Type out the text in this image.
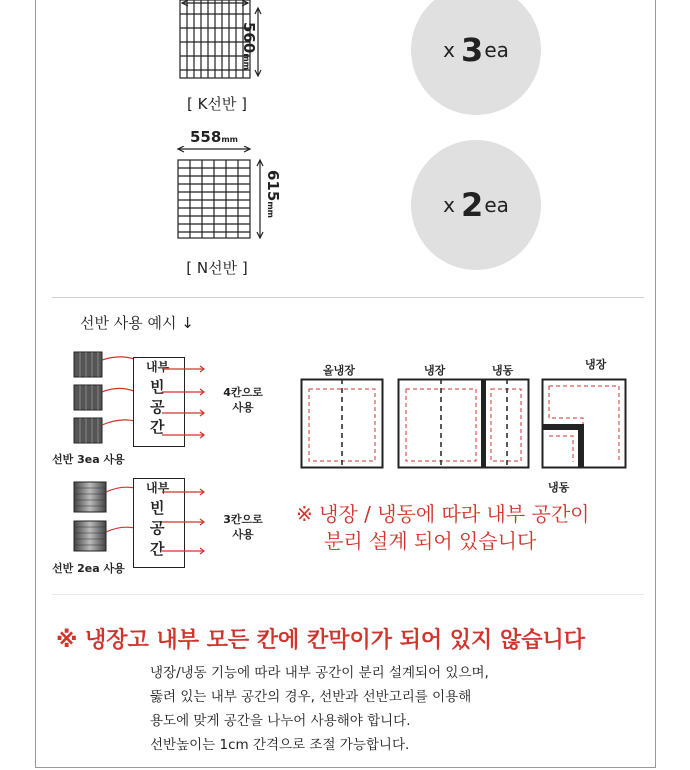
560mm
[ K선반 ]
x
3 ea
558mm
615mm
[ N선반 ]
x
2 ea
선반 사용 예시 ↓
내부
빈
공
간
4칸으로
사용
선반 3ea 사용
내부
빈
공
간
3칸으로
사용
선반 2ea 사용
올냉장	냉장	냉동	냉장
냉동
※ 냉장 / 냉동에 따라 내부 공간이
분리 설계 되어 있습니다
※ 냉장고 내부 모든 칸에 칸막이가 되어 있지 않습니다
냉장/냉동 기능에 따라 내부 공간이 분리 설계되어 있으며,
뚫려 있는 내부 공간의 경우, 선반과 선반고리를 이용해
용도에 맞게 공간을 나누어 사용해야 합니다.
선반높이는 1cm 간격으로 조절 가능합니다.
